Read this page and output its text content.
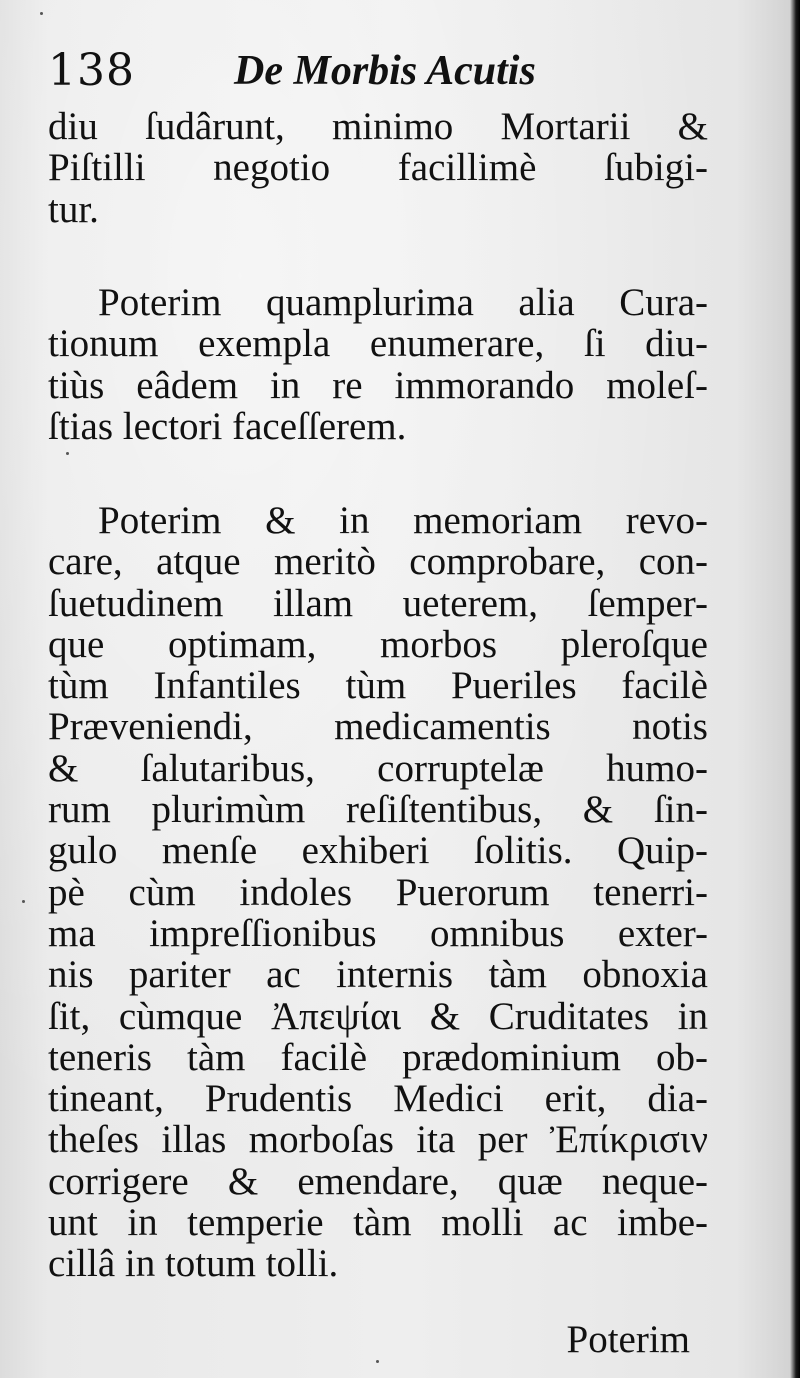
138 De Morbis Acutis
diu ſudârunt, minimo Mortarii &
Piſtilli negotio facillimè ſubigi-
tur.
Poterim quamplurima alia Cura-
tionum exempla enumerare, ſi diu-
tiùs eâdem in re immorando moleſ-
ſtias lectori faceſſerem.
Poterim & in memoriam revo-
care, atque meritò comprobare, con-
ſuetudinem illam ueterem, ſemper-
que optimam, morbos pleroſque
tùm Infantiles tùm Pueriles facilè
Præveniendi, medicamentis notis
& ſalutaribus, corruptelæ humo-
rum plurimùm reſiſtentibus, & ſin-
gulo menſe exhiberi ſolitis. Quip-
pè cùm indoles Puerorum tenerri-
ma impreſſionibus omnibus exter-
nis pariter ac internis tàm obnoxia
ſit, cùmque Ἀπεψίαι & Cruditates in
teneris tàm facilè prædominium ob-
tineant, Prudentis Medici erit, dia-
theſes illas morboſas ita per Ἐπίκρισιν
corrigere & emendare, quæ neque-
unt in temperie tàm molli ac imbe-
cillâ in totum tolli.
Poterim
